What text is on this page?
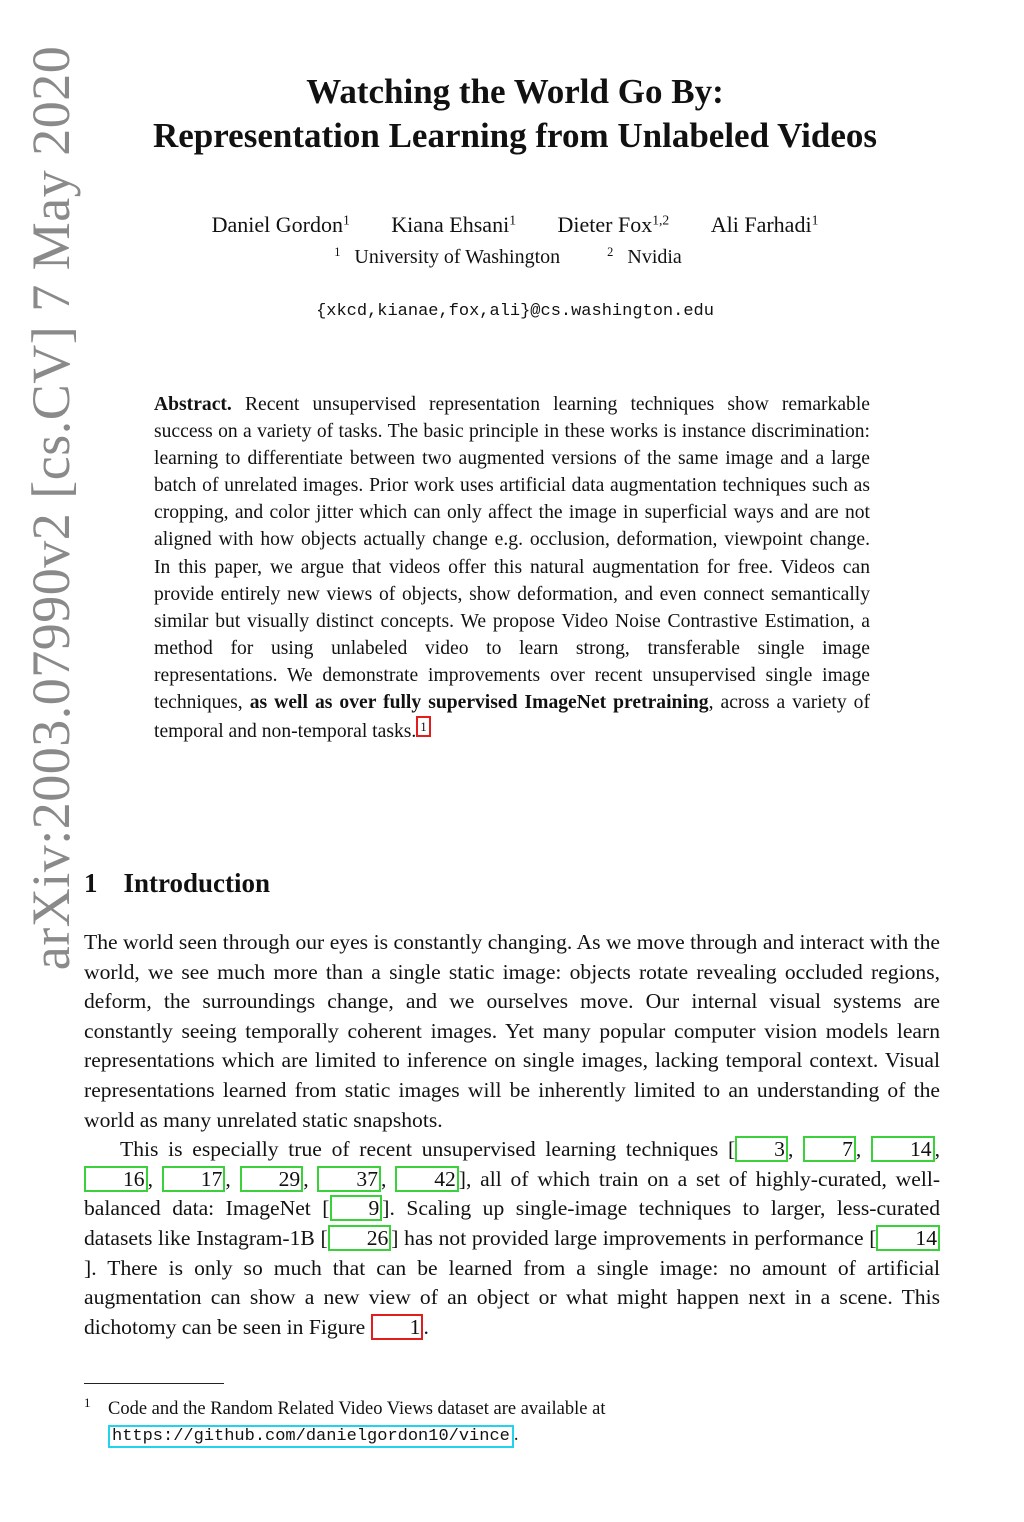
arXiv:2003.07990v2 [cs.CV] 7 May 2020	Watching the World Go By:
Representation Learning from Unlabeled Videos
Daniel Gordon$^1$ Kiana Ehsani$^1$ Dieter Fox$^{1,2}$ Ali Farhadi$^1$
$^1$ University of Washington	$^2$ Nvidia
{xkcd,kianae,fox,ali}@cs.washington.edu
Abstract. Recent unsupervised representation learning techniques show remarkable success on a variety of tasks. The basic principle in these works is instance discrimination: learning to differentiate between two augmented versions of the same image and a large batch of unrelated images. Prior work uses artificial data augmentation techniques such as cropping, and color jitter which can only affect the image in superficial ways and are not aligned with how objects actually change e.g. occlusion, deformation, viewpoint change. In this paper, we argue that videos offer this natural augmentation for free. Videos can provide entirely new views of objects, show deformation, and even connect semantically similar but visually distinct concepts. We propose Video Noise Contrastive Estimation, a method for using unlabeled video to learn strong, transferable single image representations. We demonstrate improvements over recent unsupervised single image techniques, as well as over fully supervised ImageNet pretraining, across a variety of temporal and non-temporal tasks. 1
1 Introduction

The world seen through our eyes is constantly changing. As we move through and interact with the world, we see much more than a single static image: objects rotate revealing occluded regions, deform, the surroundings change, and we ourselves move. Our internal visual systems are constantly seeing temporally coherent images. Yet many popular computer vision models learn representations which are limited to inference on single images, lacking temporal context. Visual representations learned from static images will be inherently limited to an understanding of the world as many unrelated static snapshots.

This is especially true of recent unsupervised learning techniques [ 3 , 7 , 14 , 16 , 17 , 29 , 37 , 42 ], all of which train on a set of highly-curated, well-balanced data: ImageNet [ 9 ]. Scaling up single-image techniques to larger, less-curated datasets like Instagram-1B [ 26 ] has not provided large improvements in performance [ 14]. There is only so much that can be learned from a single image: no amount of artificial augmentation can show a new view of an object or what might happen next in a scene. This dichotomy can be seen in Figure 1 .

1 Code and the Random Related Video Views dataset are available at
https://github.com/danielgordon10/vince .
